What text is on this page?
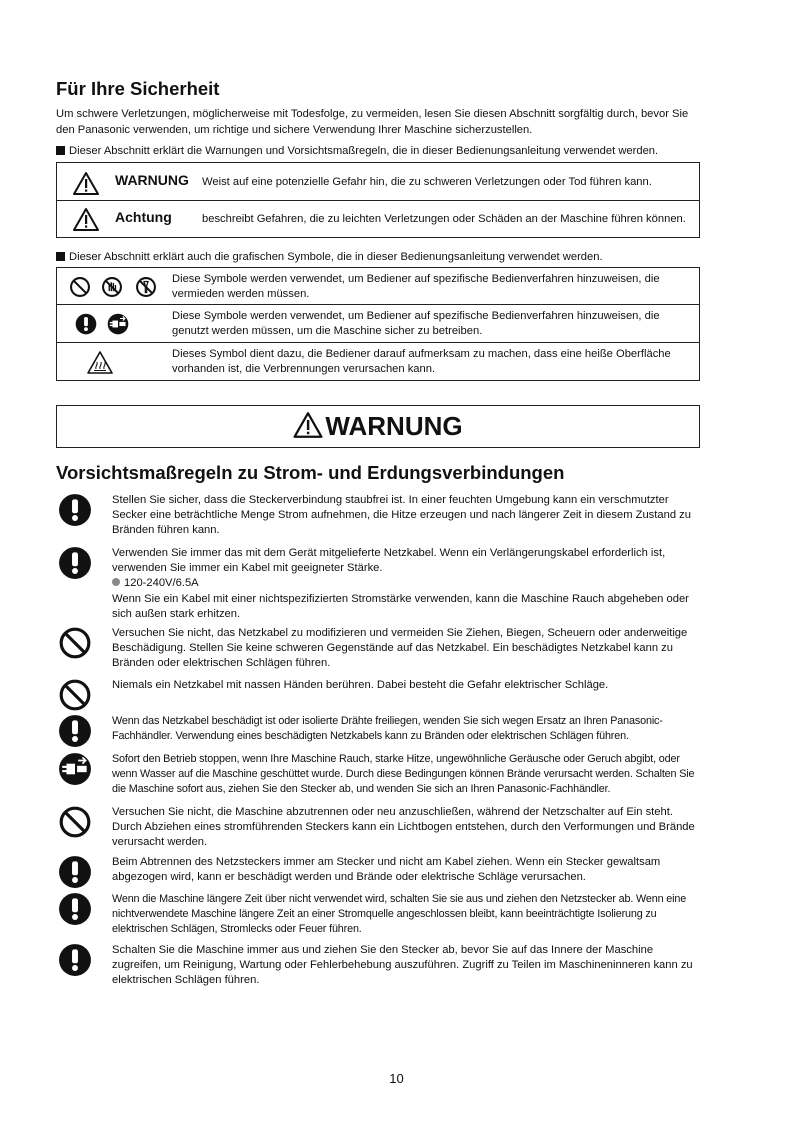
Für Ihre Sicherheit
Um schwere Verletzungen, möglicherweise mit Todesfolge, zu vermeiden, lesen Sie diesen Abschnitt sorgfältig durch, bevor Sie den Panasonic verwenden, um richtige und sichere Verwendung Ihrer Maschine sicherzustellen.
Dieser Abschnitt erklärt die Warnungen und Vorsichtsmaßregeln, die in dieser Bedienungsanleitung verwendet werden.
WARNUNG Weist auf eine potenzielle Gefahr hin, die zu schweren Verletzungen oder Tod führen kann.
Achtung	beschreibt Gefahren, die zu leichten Verletzungen oder Schäden an der Maschine führen können.
Dieser Abschnitt erklärt auch die grafischen Symbole, die in dieser Bedienungsanleitung verwendet werden.
Diese Symbole werden verwendet, um Bediener auf spezifische Bedienverfahren hinzuweisen, die vermieden werden müssen.
Diese Symbole werden verwendet, um Bediener auf spezifische Bedienverfahren hinzuweisen, die genutzt werden müssen, um die Maschine sicher zu betreiben.
Dieses Symbol dient dazu, die Bediener darauf aufmerksam zu machen, dass eine heiße Oberfläche vorhanden ist, die Verbrennungen verursachen kann.
WARNUNG
Vorsichtsmaßregeln zu Strom- und Erdungsverbindungen
Stellen Sie sicher, dass die Steckerverbindung staubfrei ist. In einer feuchten Umgebung kann ein verschmutzter Secker eine beträchtliche Menge Strom aufnehmen, die Hitze erzeugen und nach längerer Zeit in diesem Zustand zu Bränden führen kann.
Verwenden Sie immer das mit dem Gerät mitgelieferte Netzkabel. Wenn ein Verlängerungskabel erforderlich ist, verwenden Sie immer ein Kabel mit geeigneter Stärke.
120-240V/6.5A
Wenn Sie ein Kabel mit einer nichtspezifizierten Stromstärke verwenden, kann die Maschine Rauch abgeheben oder sich außen stark erhitzen.
Versuchen Sie nicht, das Netzkabel zu modifizieren und vermeiden Sie Ziehen, Biegen, Scheuern oder anderweitige Beschädigung. Stellen Sie keine schweren Gegenstände auf das Netzkabel. Ein beschädigtes Netzkabel kann zu Bränden oder elektrischen Schlägen führen.
Niemals ein Netzkabel mit nassen Händen berühren. Dabei besteht die Gefahr elektrischer Schläge.
Wenn das Netzkabel beschädigt ist oder isolierte Drähte freiliegen, wenden Sie sich wegen Ersatz an Ihren Panasonic-Fachhändler. Verwendung eines beschädigten Netzkabels kann zu Bränden oder elektrischen Schlägen führen.
Sofort den Betrieb stoppen, wenn Ihre Maschine Rauch, starke Hitze, ungewöhnliche Geräusche oder Geruch abgibt, oder wenn Wasser auf die Maschine geschüttet wurde. Durch diese Bedingungen können Brände verursacht werden. Schalten Sie die Maschine sofort aus, ziehen Sie den Stecker ab, und wenden Sie sich an Ihren Panasonic-Fachhändler.
Versuchen Sie nicht, die Maschine abzutrennen oder neu anzuschließen, während der Netzschalter auf Ein steht. Durch Abziehen eines stromführenden Steckers kann ein Lichtbogen entstehen, durch den Verformungen und Brände verursacht werden.
Beim Abtrennen des Netzsteckers immer am Stecker und nicht am Kabel ziehen. Wenn ein Stecker gewaltsam abgezogen wird, kann er beschädigt werden und Brände oder elektrische Schläge verursachen.
Wenn die Maschine längere Zeit über nicht verwendet wird, schalten Sie sie aus und ziehen den Netzstecker ab. Wenn eine nichtverwendete Maschine längere Zeit an einer Stromquelle angeschlossen bleibt, kann beeinträchtigte Isolierung zu elektrischen Schlägen, Stromlecks oder Feuer führen.
Schalten Sie die Maschine immer aus und ziehen Sie den Stecker ab, bevor Sie auf das Innere der Maschine zugreifen, um Reinigung, Wartung oder Fehlerbehebung auszuführen. Zugriff zu Teilen im Maschineninneren kann zu elektrischen Schlägen führen.
10
